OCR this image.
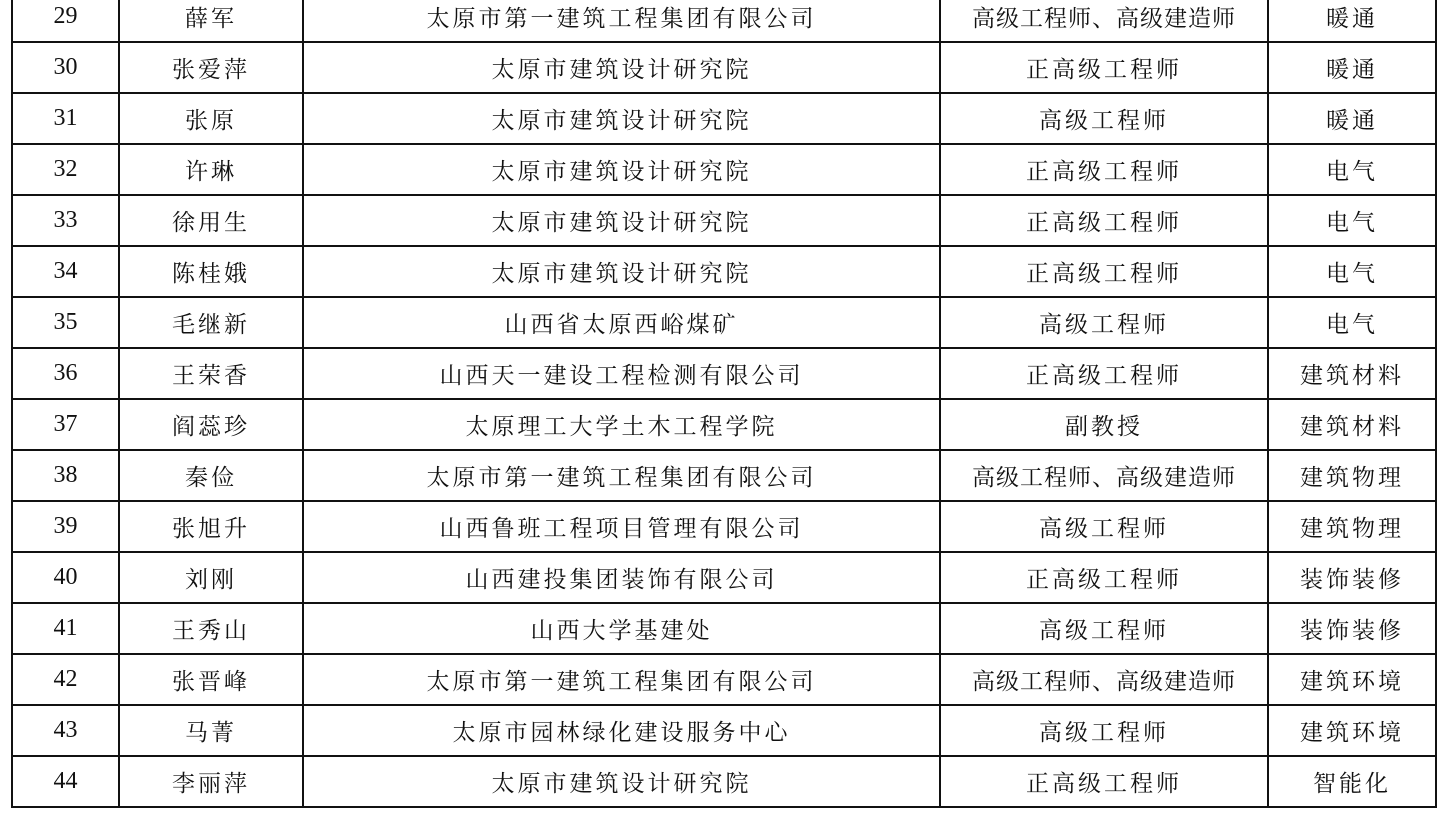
29	薛军	太原市第一建筑工程集团有限公司	高级工程师、高级建造师	暖通
30	张爱萍	太原市建筑设计研究院	正高级工程师	暖通
31	张原	太原市建筑设计研究院	高级工程师	暖通
32	许琳	太原市建筑设计研究院	正高级工程师	电气
33	徐用生	太原市建筑设计研究院	正高级工程师	电气
34	陈桂娥	太原市建筑设计研究院	正高级工程师	电气
35	毛继新	山西省太原西峪煤矿	高级工程师	电气
36	王荣香	山西天一建设工程检测有限公司	正高级工程师	建筑材料
37	阎蕊珍	太原理工大学土木工程学院	副教授	建筑材料
38	秦俭	太原市第一建筑工程集团有限公司	高级工程师、高级建造师	建筑物理
39	张旭升	山西鲁班工程项目管理有限公司	高级工程师	建筑物理
40	刘刚	山西建投集团装饰有限公司	正高级工程师	装饰装修
41	王秀山	山西大学基建处	高级工程师	装饰装修
42	张晋峰	太原市第一建筑工程集团有限公司	高级工程师、高级建造师	建筑环境
43	马菁	太原市园林绿化建设服务中心	高级工程师	建筑环境
44	李丽萍	太原市建筑设计研究院	正高级工程师	智能化
